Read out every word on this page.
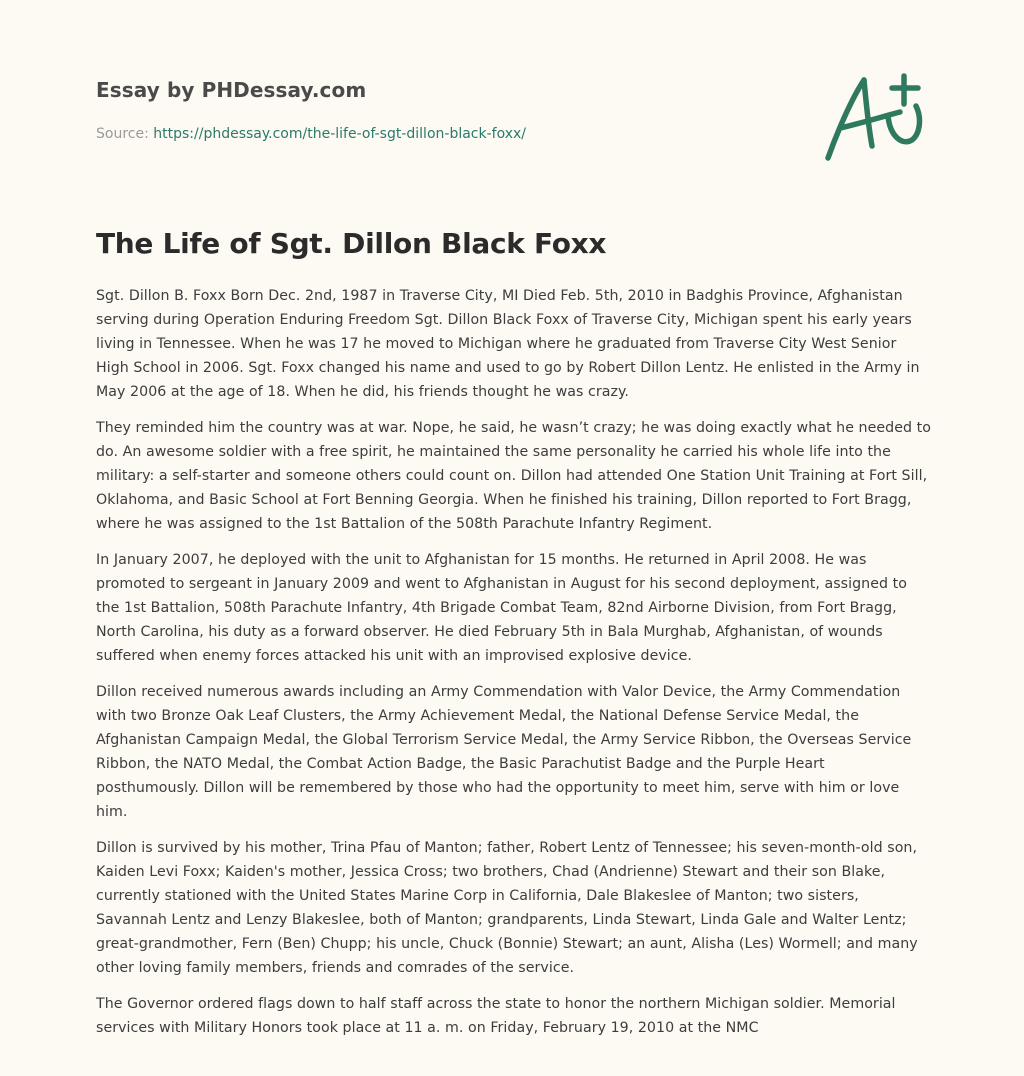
Essay by PHDessay.com
Source: https://phdessay.com/the-life-of-sgt-dillon-black-foxx/
The Life of Sgt. Dillon Black Foxx

Sgt. Dillon B. Foxx Born Dec. 2nd, 1987 in Traverse City, MI Died Feb. 5th, 2010 in Badghis Province, Afghanistan serving during Operation Enduring Freedom Sgt. Dillon Black Foxx of Traverse City, Michigan spent his early years living in Tennessee. When he was 17 he moved to Michigan where he graduated from Traverse City West Senior High School in 2006. Sgt. Foxx changed his name and used to go by Robert Dillon Lentz. He enlisted in the Army in May 2006 at the age of 18. When he did, his friends thought he was crazy.

They reminded him the country was at war. Nope, he said, he wasn’t crazy; he was doing exactly what he needed to do. An awesome soldier with a free spirit, he maintained the same personality he carried his whole life into the military: a self-starter and someone others could count on. Dillon had attended One Station Unit Training at Fort Sill, Oklahoma, and Basic School at Fort Benning Georgia. When he finished his training, Dillon reported to Fort Bragg, where he was assigned to the 1st Battalion of the 508th Parachute Infantry Regiment.

In January 2007, he deployed with the unit to Afghanistan for 15 months. He returned in April 2008. He was promoted to sergeant in January 2009 and went to Afghanistan in August for his second deployment, assigned to the 1st Battalion, 508th Parachute Infantry, 4th Brigade Combat Team, 82nd Airborne Division, from Fort Bragg, North Carolina, his duty as a forward observer. He died February 5th in Bala Murghab, Afghanistan, of wounds suffered when enemy forces attacked his unit with an improvised explosive device.

Dillon received numerous awards including an Army Commendation with Valor Device, the Army Commendation with two Bronze Oak Leaf Clusters, the Army Achievement Medal, the National Defense Service Medal, the Afghanistan Campaign Medal, the Global Terrorism Service Medal, the Army Service Ribbon, the Overseas Service Ribbon, the NATO Medal, the Combat Action Badge, the Basic Parachutist Badge and the Purple Heart posthumously. Dillon will be remembered by those who had the opportunity to meet him, serve with him or love him.

Dillon is survived by his mother, Trina Pfau of Manton; father, Robert Lentz of Tennessee; his seven-month-old son, Kaiden Levi Foxx; Kaiden's mother, Jessica Cross; two brothers, Chad (Andrienne) Stewart and their son Blake, currently stationed with the United States Marine Corp in California, Dale Blakeslee of Manton; two sisters, Savannah Lentz and Lenzy Blakeslee, both of Manton; grandparents, Linda Stewart, Linda Gale and Walter Lentz; great-grandmother, Fern (Ben) Chupp; his uncle, Chuck (Bonnie) Stewart; an aunt, Alisha (Les) Wormell; and many other loving family members, friends and comrades of the service.

The Governor ordered flags down to half staff across the state to honor the northern Michigan soldier. Memorial services with Military Honors took place at 11 a. m. on Friday, February 19, 2010 at the NMC
